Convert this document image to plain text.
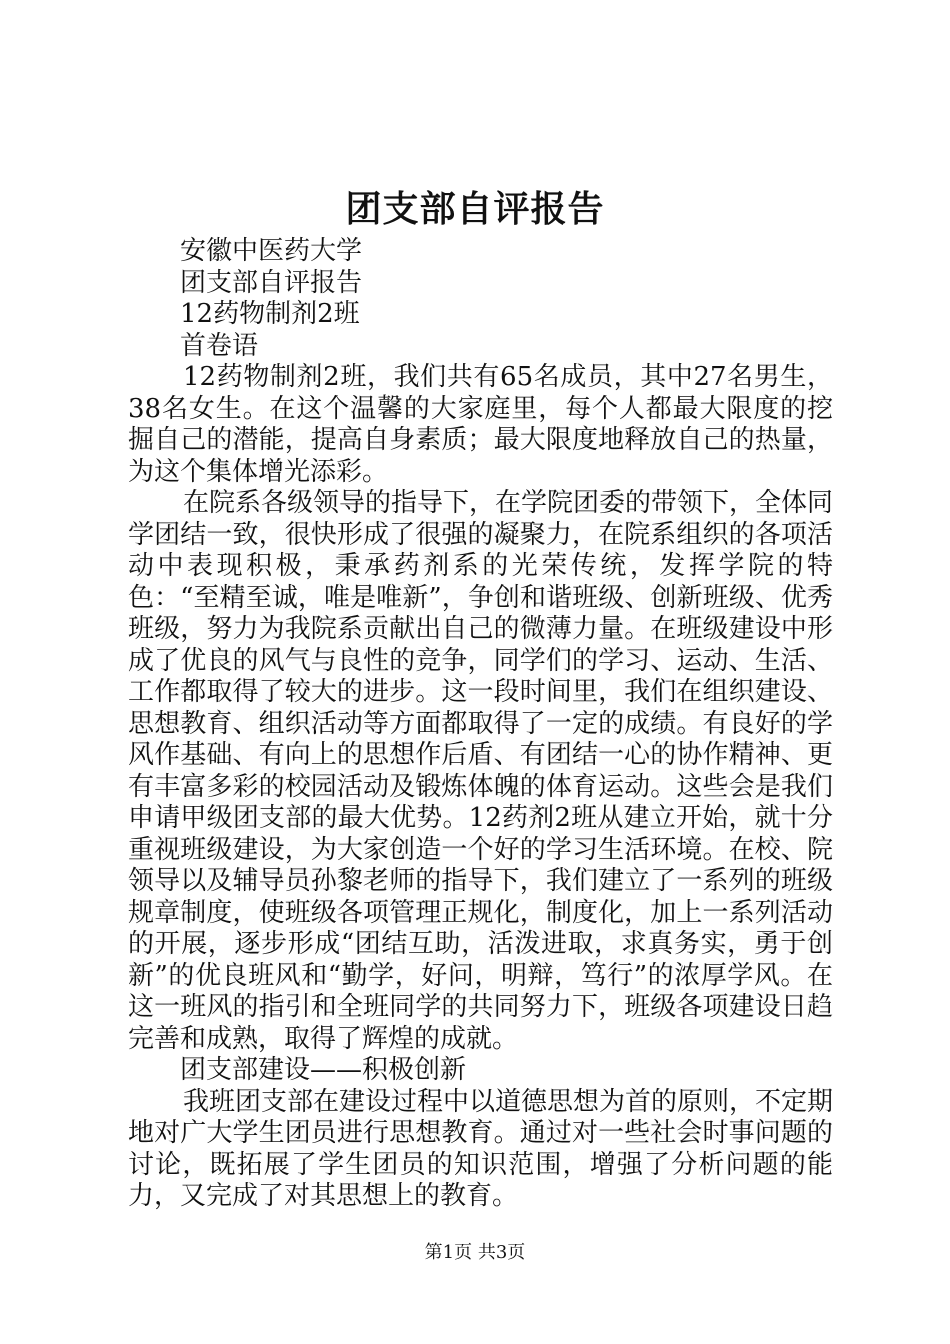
团支部自评报告

安徽中医药大学

团支部自评报告

12药物制剂2班

首卷语

12药物制剂2班，我们共有65名成员，其中27名男生，38名女生。在这个温馨的大家庭里，每个人都最大限度的挖掘自己的潜能，提高自身素质；最大限度地释放自己的热量，为这个集体增光添彩。

在院系各级领导的指导下，在学院团委的带领下，全体同学团结一致，很快形成了很强的凝聚力，在院系组织的各项活动中表现积极，秉承药剂系的光荣传统，发挥学院的特色：“至精至诚，唯是唯新”，争创和谐班级、创新班级、优秀班级，努力为我院系贡献出自己的微薄力量。在班级建设中形成了优良的风气与良性的竞争，同学们的学习、运动、生活、工作都取得了较大的进步。这一段时间里，我们在组织建设、思想教育、组织活动等方面都取得了一定的成绩。有良好的学风作基础、有向上的思想作后盾、有团结一心的协作精神、更有丰富多彩的校园活动及锻炼体魄的体育运动。这些会是我们申请甲级团支部的最大优势。12药剂2班从建立开始，就十分重视班级建设，为大家创造一个好的学习生活环境。在校、院领导以及辅导员孙黎老师的指导下，我们建立了一系列的班级规章制度，使班级各项管理正规化，制度化，加上一系列活动的开展，逐步形成“团结互助，活泼进取，求真务实，勇于创新”的优良班风和“勤学，好问，明辩，笃行”的浓厚学风。在这一班风的指引和全班同学的共同努力下，班级各项建设日趋完善和成熟，取得了辉煌的成就。

团支部建设——积极创新

我班团支部在建设过程中以道德思想为首的原则，不定期地对广大学生团员进行思想教育。通过对一些社会时事问题的讨论，既拓展了学生团员的知识范围，增强了分析问题的能力，又完成了对其思想上的教育。

第1页 共3页
